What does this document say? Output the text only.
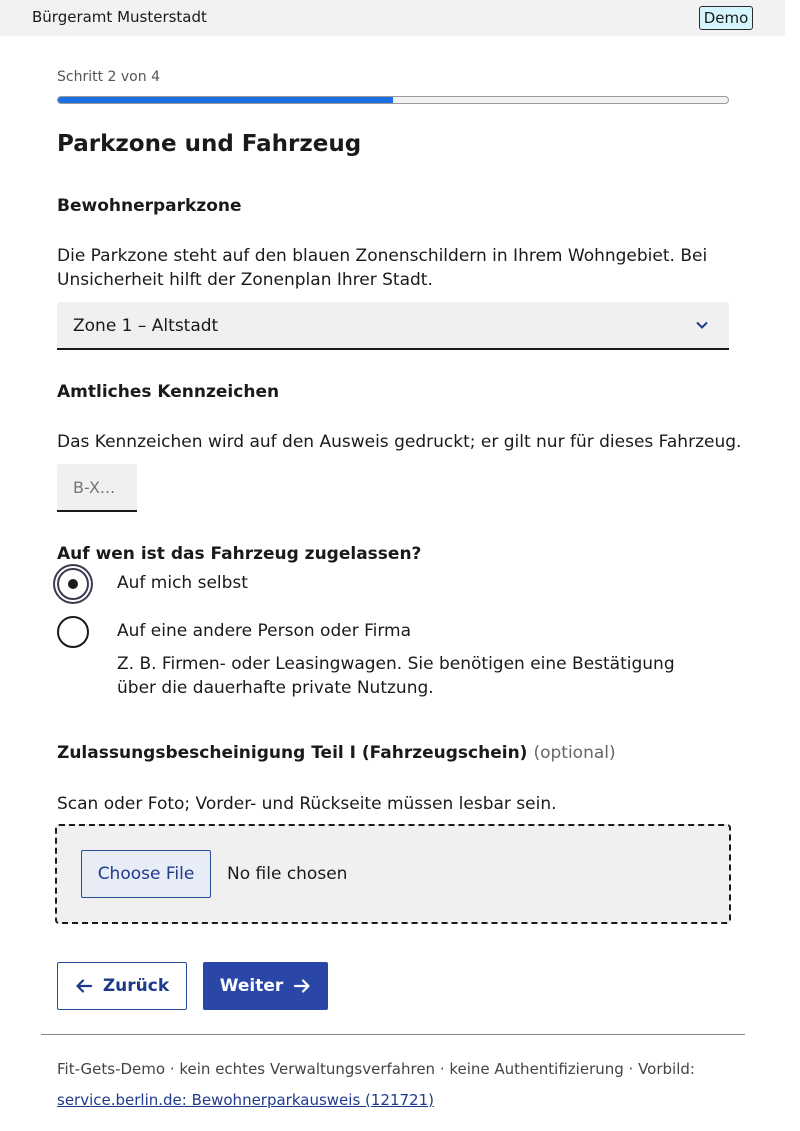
Bürgeramt Musterstadt	Demo
Schritt 2 von 4
Parkzone und Fahrzeug
Bewohnerparkzone
Die Parkzone steht auf den blauen Zonenschildern in Ihrem Wohngebiet. Bei Unsicherheit hilft der Zonenplan Ihrer Stadt.
Zone 1 – Altstadt
Amtliches Kennzeichen
Das Kennzeichen wird auf den Ausweis gedruckt; er gilt nur für dieses Fahrzeug.
B-X...
Auf wen ist das Fahrzeug zugelassen?
Auf mich selbst
Auf eine andere Person oder Firma
Z. B. Firmen- oder Leasingwagen. Sie benötigen eine Bestätigung über die dauerhafte private Nutzung.
Zulassungsbescheinigung Teil I (Fahrzeugschein) (optional)
Scan oder Foto; Vorder- und Rückseite müssen lesbar sein.
Choose File	No file chosen
Zurück	Weiter
Fit-Gets-Demo · kein echtes Verwaltungsverfahren · keine Authentifizierung · Vorbild:
service.berlin.de: Bewohnerparkausweis (121721)
